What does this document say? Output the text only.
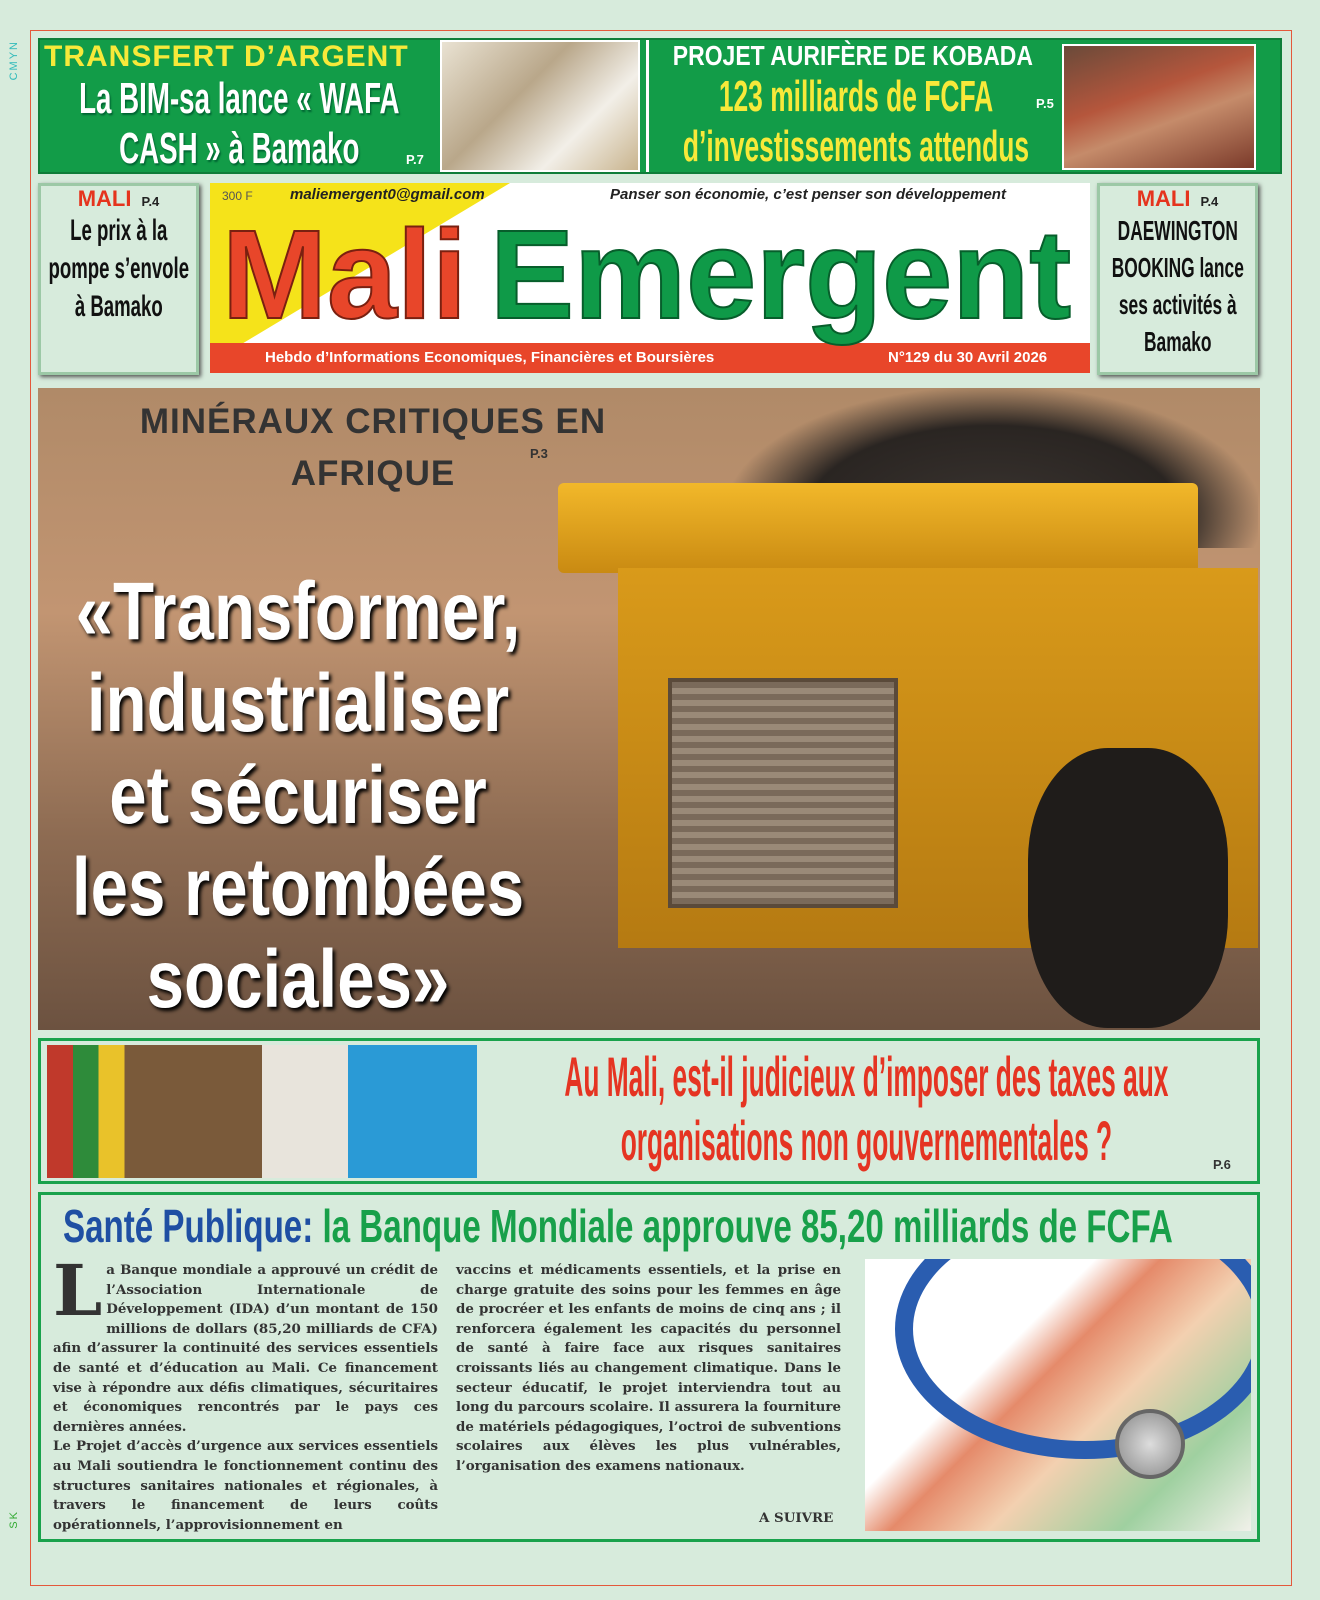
CMYN
SK
TRANSFERT D’ARGENT
La BIM-sa lance « WAFA CASH » à Bamako	P.7
PROJET AURIFÈRE DE KOBADA
123 milliards de FCFA
d’investissements attendus
P.5
MALI P.4
Le prix à la pompe s’envole à Bamako
MALI P.4
DAEWINGTON BOOKING lance ses activités à Bamako
300 F maliemergent0@gmail.com	Panser son économie, c’est penser son développement
Mali Emergent
Hebdo d’Informations Economiques, Financières et Boursières	N°129 du 30 Avril 2026
MINÉRAUX CRITIQUES EN
AFRIQUE
P.3
«Transformer,
industrialiser
et sécuriser
les retombées
sociales»
Au Mali, est-il judicieux d’imposer des taxes aux
organisations non gouvernementales ?	P.6
Santé Publique: la Banque Mondiale approuve 85,20 milliards de FCFA
L a Banque mondiale a approuvé un crédit de l’Association Internationale de Développement (IDA) d’un montant de 150 millions de dollars (85,20 milliards de CFA) afin d’assurer la continuité des services essentiels de santé et d’éducation au Mali. Ce financement vise à répondre aux défis climatiques, sécuritaires et économiques rencontrés par le pays ces dernières années.

Le Projet d’accès d’urgence aux services essentiels au Mali soutiendra le fonctionnement continu des structures sanitaires nationales et régionales, à travers le financement de leurs coûts opérationnels, l’approvisionnement en

vaccins et médicaments essentiels, et la prise en charge gratuite des soins pour les femmes en âge de procréer et les enfants de moins de cinq ans ; il renforcera également les capacités du personnel de santé à faire face aux risques sanitaires croissants liés au changement climatique. Dans le secteur éducatif, le projet interviendra tout au long du parcours scolaire. Il assurera la fourniture de matériels pédagogiques, l’octroi de subventions scolaires aux élèves les plus vulnérables, l’organisation des examens nationaux.

A SUIVRE
